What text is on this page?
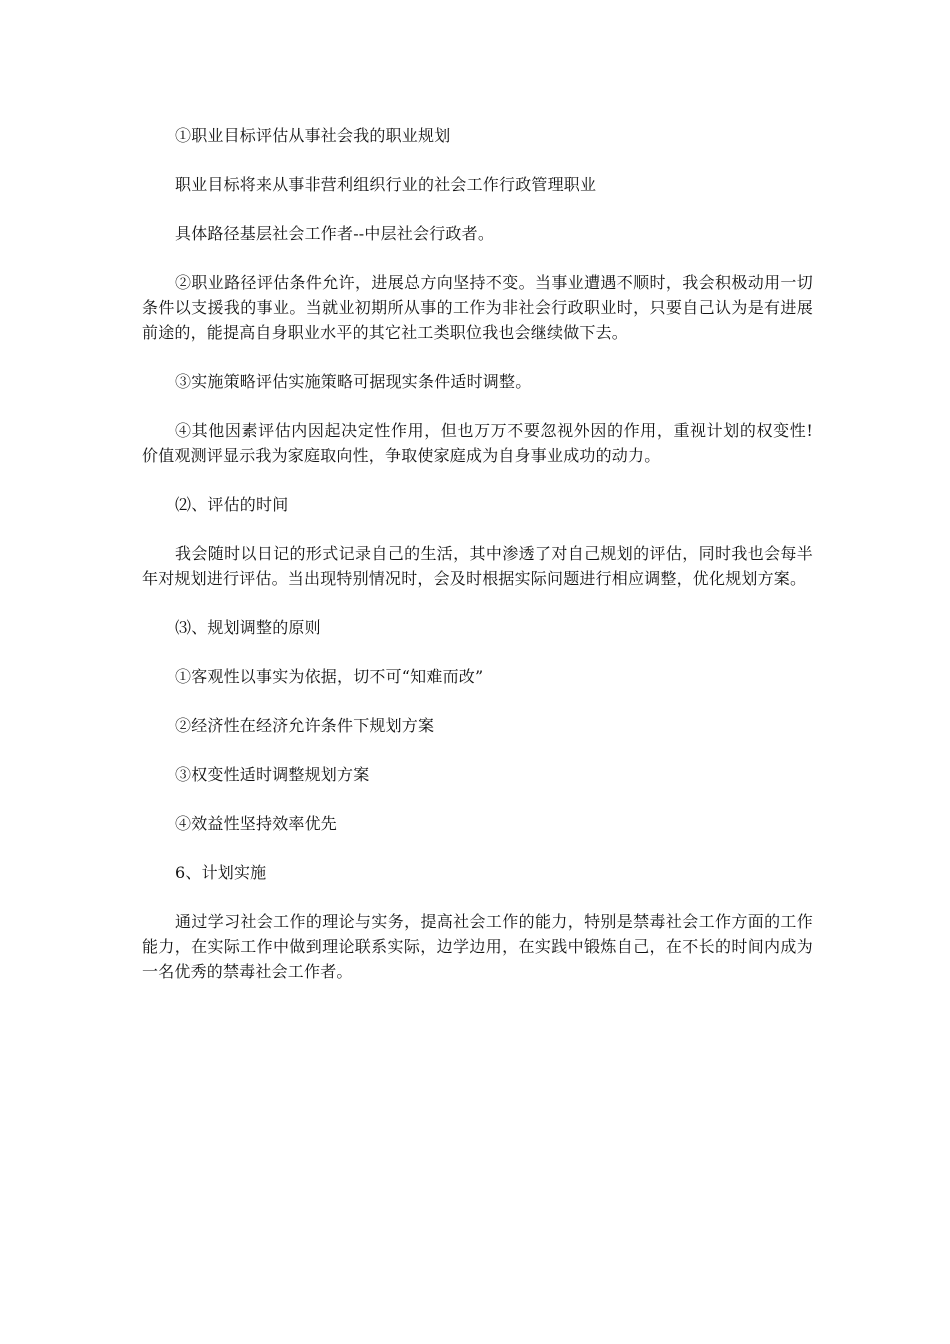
①职业目标评估从事社会我的职业规划

职业目标将来从事非营利组织行业的社会工作行政管理职业

具体路径基层社会工作者--中层社会行政者。

②职业路径评估条件允许，进展总方向坚持不变。当事业遭遇不顺时，我会积极动用一切条件以支援我的事业。当就业初期所从事的工作为非社会行政职业时，只要自己认为是有进展前途的，能提高自身职业水平的其它社工类职位我也会继续做下去。

③实施策略评估实施策略可据现实条件适时调整。

④其他因素评估内因起决定性作用，但也万万不要忽视外因的作用，重视计划的权变性!价值观测评显示我为家庭取向性，争取使家庭成为自身事业成功的动力。

⑵、评估的时间

我会随时以日记的形式记录自己的生活，其中渗透了对自己规划的评估，同时我也会每半年对规划进行评估。当出现特别情况时，会及时根据实际问题进行相应调整，优化规划方案。

⑶、规划调整的原则

①客观性以事实为依据，切不可“知难而改”

②经济性在经济允许条件下规划方案

③权变性适时调整规划方案

④效益性坚持效率优先

6、计划实施

通过学习社会工作的理论与实务，提高社会工作的能力，特别是禁毒社会工作方面的工作能力，在实际工作中做到理论联系实际，边学边用，在实践中锻炼自己，在不长的时间内成为一名优秀的禁毒社会工作者。
